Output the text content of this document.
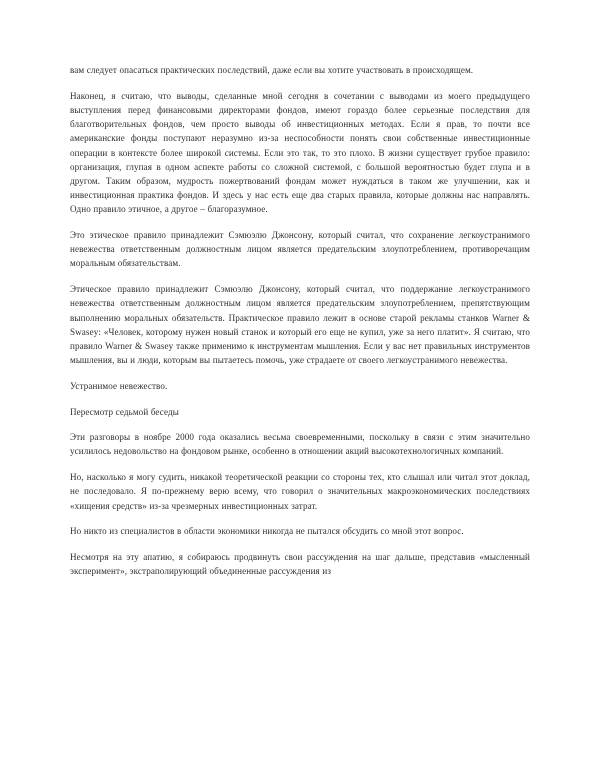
вам следует опасаться практических последствий, даже если вы хотите участвовать в происходящем.

Наконец, я считаю, что выводы, сделанные мной сегодня в сочетании с выводами из моего предыдущего выступления перед финансовыми директорами фондов, имеют гораздо более серьезные последствия для благотворительных фондов, чем просто выводы об инвестиционных методах. Если я прав, то почти все американские фонды поступают неразумно из-за неспособности понять свои собственные инвестиционные операции в контексте более широкой системы. Если это так, то это плохо. В жизни существует грубое правило: организация, глупая в одном аспекте работы со сложной системой, с большой вероятностью будет глупа и в другом. Таким образом, мудрость пожертвований фондам может нуждаться в таком же улучшении, как и инвестиционная практика фондов. И здесь у нас есть еще два старых правила, которые должны нас направлять. Одно правило этичное, а другое – благоразумное.

Это этическое правило принадлежит Сэмюэлю Джонсону, который считал, что сохранение легкоустранимого невежества ответственным должностным лицом является предательским злоупотреблением, противоречащим моральным обязательствам.

Этическое правило принадлежит Сэмюэлю Джонсону, который считал, что поддержание легкоустранимого невежества ответственным должностным лицом является предательским злоупотреблением, препятствующим выполнению моральных обязательств. Практическое правило лежит в основе старой рекламы станков Warner & Swasey: «Человек, которому нужен новый станок и который его еще не купил, уже за него платит». Я считаю, что правило Warner & Swasey также применимо к инструментам мышления. Если у вас нет правильных инструментов мышления, вы и люди, которым вы пытаетесь помочь, уже страдаете от своего легкоустранимого невежества.

Устранимое невежество.

Пересмотр седьмой беседы

Эти разговоры в ноябре 2000 года оказались весьма своевременными, поскольку в связи с этим значительно усилилось недовольство на фондовом рынке, особенно в отношении акций высокотехнологичных компаний.

Но, насколько я могу судить, никакой теоретической реакции со стороны тех, кто слышал или читал этот доклад, не последовало. Я по-прежнему верю всему, что говорил о значительных макроэкономических последствиях «хищения средств» из-за чрезмерных инвестиционных затрат.

Но никто из специалистов в области экономики никогда не пытался обсудить со мной этот вопрос.

Несмотря на эту апатию, я собираюсь продвинуть свои рассуждения на шаг дальше, представив «мысленный эксперимент», экстраполирующий объединенные рассуждения из
